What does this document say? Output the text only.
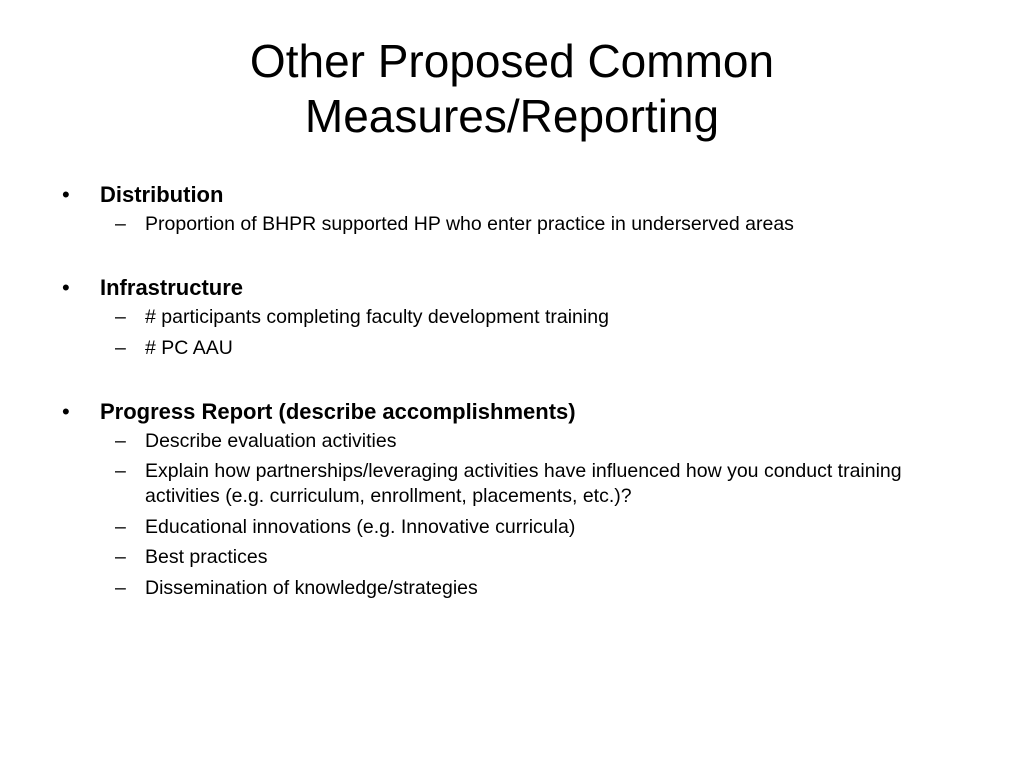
Other Proposed Common
Measures/Reporting
•	Distribution
– Proportion of BHPR supported HP who enter practice in underserved areas
•	Infrastructure
– # participants completing faculty development training
– # PC AAU
•	Progress Report (describe accomplishments)
– Describe evaluation activities
– Explain how partnerships/leveraging activities have influenced how you conduct training activities (e.g. curriculum, enrollment, placements, etc.)?
– Educational innovations (e.g. Innovative curricula)
– Best practices
– Dissemination of knowledge/strategies
